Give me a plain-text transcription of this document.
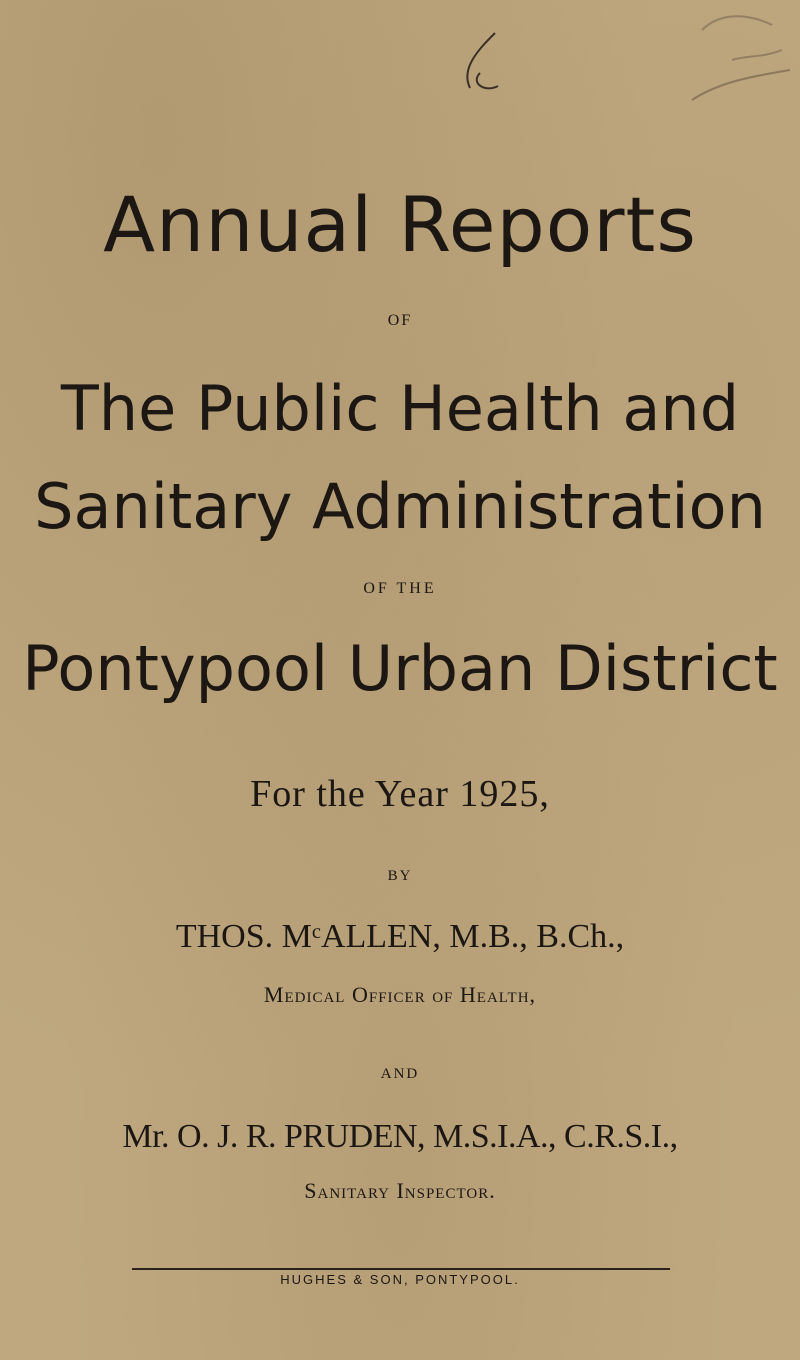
Annual Reports
OF
The Public Health and
Sanitary Administration
OF THE
Pontypool Urban District
For the Year 1925,
BY
THOS. $M^cALLEN$, M.B., B.Ch.,
Medical Officer of Health,
AND
Mr. O. J. R. PRUDEN, M.S.I.A., C.R.S.I.,
Sanitary Inspector.
HUGHES & SON, PONTYPOOL.
